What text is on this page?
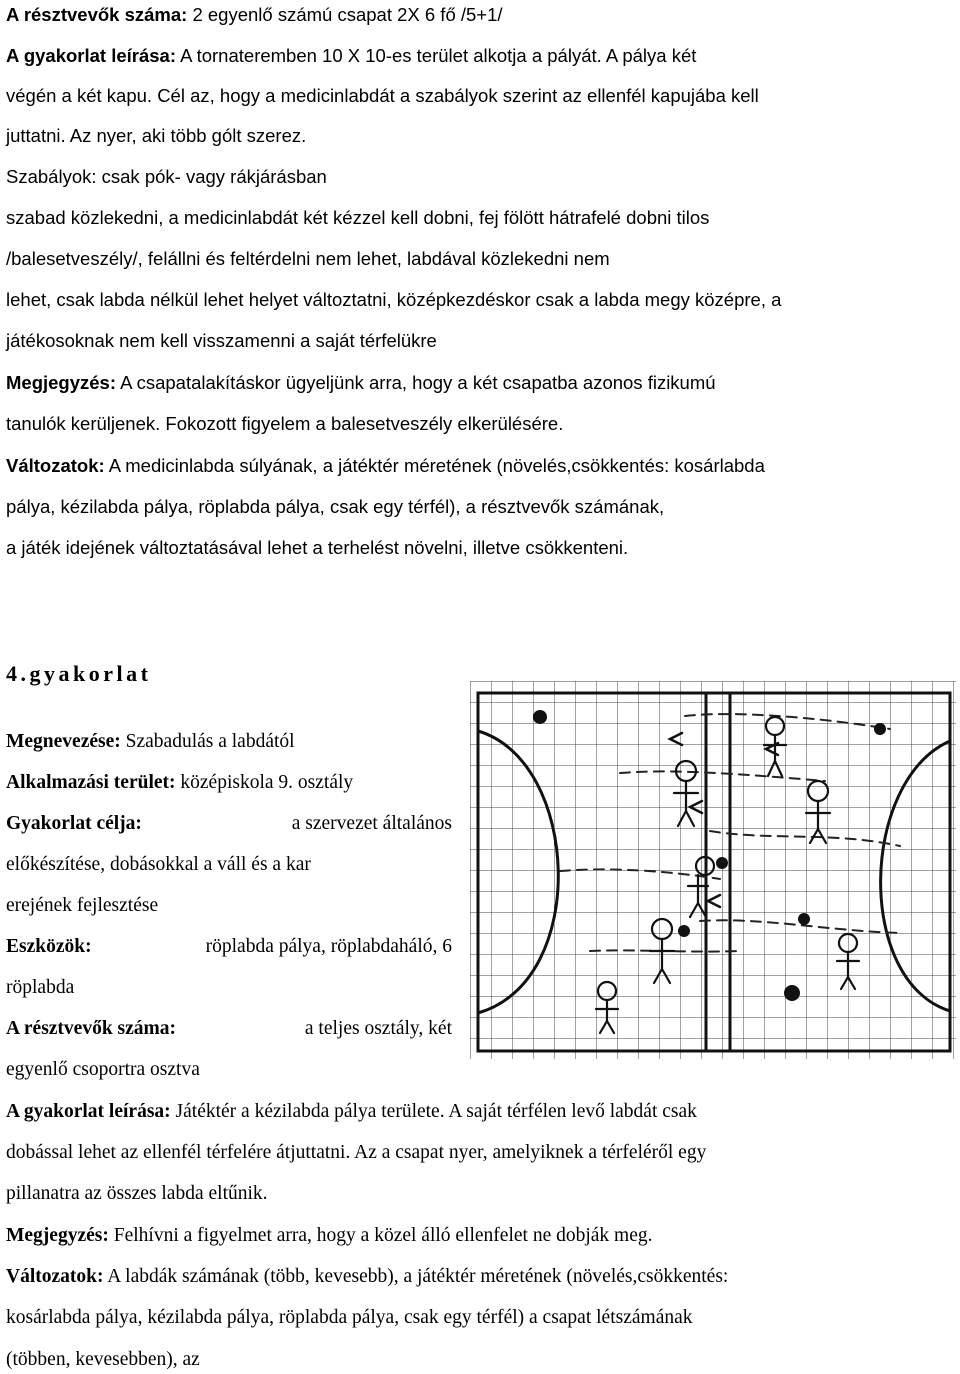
A résztvevők száma: 2 egyenlő számú csapat 2X 6 fő /5+1/
A gyakorlat leírása: A tornateremben 10 X 10-es terület alkotja a pályát. A pálya két
végén a két kapu. Cél az, hogy a medicinlabdát a szabályok szerint az ellenfél kapujába kell
juttatni. Az nyer, aki több gólt szerez.
Szabályok: csak pók- vagy rákjárásban
szabad közlekedni, a medicinlabdát két kézzel kell dobni, fej fölött hátrafelé dobni tilos
/balesetveszély/, felállni és feltérdelni nem lehet, labdával közlekedni nem
lehet, csak labda nélkül lehet helyet változtatni, középkezdéskor csak a labda megy középre, a
játékosoknak nem kell visszamenni a saját térfelükre
Megjegyzés: A csapatalakításkor ügyeljünk arra, hogy a két csapatba azonos fizikumú
tanulók kerüljenek. Fokozott figyelem a balesetveszély elkerülésére.
Változatok: A medicinlabda súlyának, a játéktér méretének (növelés,csökkentés: kosárlabda
pálya, kézilabda pálya, röplabda pálya, csak egy térfél), a résztvevők számának,
a játék idejének változtatásával lehet a terhelést növelni, illetve csökkenteni.
4.gyakorlat
Megnevezése: Szabadulás a labdától
Alkalmazási terület: középiskola 9. osztály
Gyakorlat célja:	a szervezet általános
előkészítése, dobásokkal a váll és a kar
erejének fejlesztése
Eszközök:	röplabda pálya, röplabdaháló, 6
röplabda
A résztvevők száma:	a teljes osztály, két
egyenlő csoportra osztva
A gyakorlat leírása: Játéktér a kézilabda pálya területe. A saját térfélen levő labdát csak
dobással lehet az ellenfél térfelére átjuttatni. Az a csapat nyer, amelyiknek a térfeléről egy
pillanatra az összes labda eltűnik.
Megjegyzés: Felhívni a figyelmet arra, hogy a közel álló ellenfelet ne dobják meg.
Változatok: A labdák számának (több, kevesebb), a játéktér méretének (növelés,csökkentés:
kosárlabda pálya, kézilabda pálya, röplabda pálya, csak egy térfél) a csapat létszámának
(többen, kevesebben), az
